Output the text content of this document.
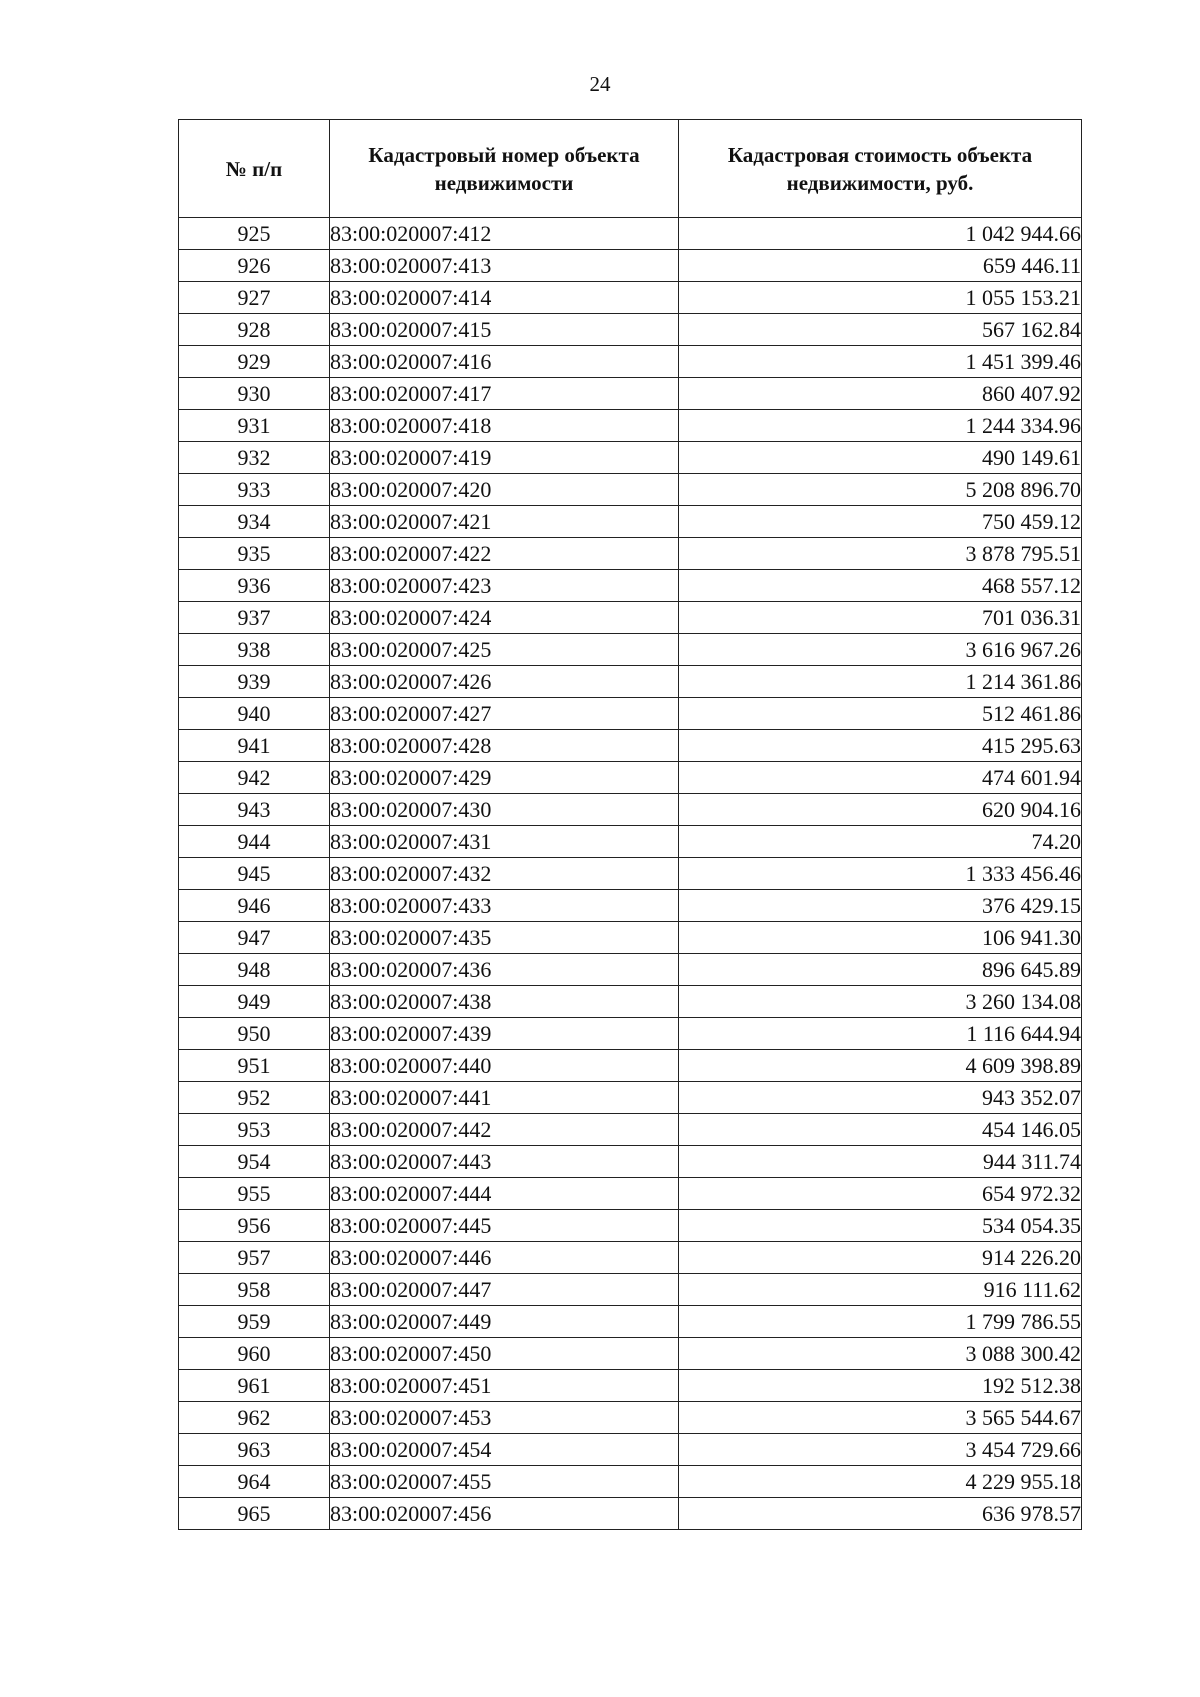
24
№ п/п	Кадастровый номер объекта недвижимости	Кадастровая стоимость объекта недвижимости, руб.
925	83:00:020007:412	1 042 944.66
926	83:00:020007:413	659 446.11
927	83:00:020007:414	1 055 153.21
928	83:00:020007:415	567 162.84
929	83:00:020007:416	1 451 399.46
930	83:00:020007:417	860 407.92
931	83:00:020007:418	1 244 334.96
932	83:00:020007:419	490 149.61
933	83:00:020007:420	5 208 896.70
934	83:00:020007:421	750 459.12
935	83:00:020007:422	3 878 795.51
936	83:00:020007:423	468 557.12
937	83:00:020007:424	701 036.31
938	83:00:020007:425	3 616 967.26
939	83:00:020007:426	1 214 361.86
940	83:00:020007:427	512 461.86
941	83:00:020007:428	415 295.63
942	83:00:020007:429	474 601.94
943	83:00:020007:430	620 904.16
944	83:00:020007:431	74.20
945	83:00:020007:432	1 333 456.46
946	83:00:020007:433	376 429.15
947	83:00:020007:435	106 941.30
948	83:00:020007:436	896 645.89
949	83:00:020007:438	3 260 134.08
950	83:00:020007:439	1 116 644.94
951	83:00:020007:440	4 609 398.89
952	83:00:020007:441	943 352.07
953	83:00:020007:442	454 146.05
954	83:00:020007:443	944 311.74
955	83:00:020007:444	654 972.32
956	83:00:020007:445	534 054.35
957	83:00:020007:446	914 226.20
958	83:00:020007:447	916 111.62
959	83:00:020007:449	1 799 786.55
960	83:00:020007:450	3 088 300.42
961	83:00:020007:451	192 512.38
962	83:00:020007:453	3 565 544.67
963	83:00:020007:454	3 454 729.66
964	83:00:020007:455	4 229 955.18
965	83:00:020007:456	636 978.57
